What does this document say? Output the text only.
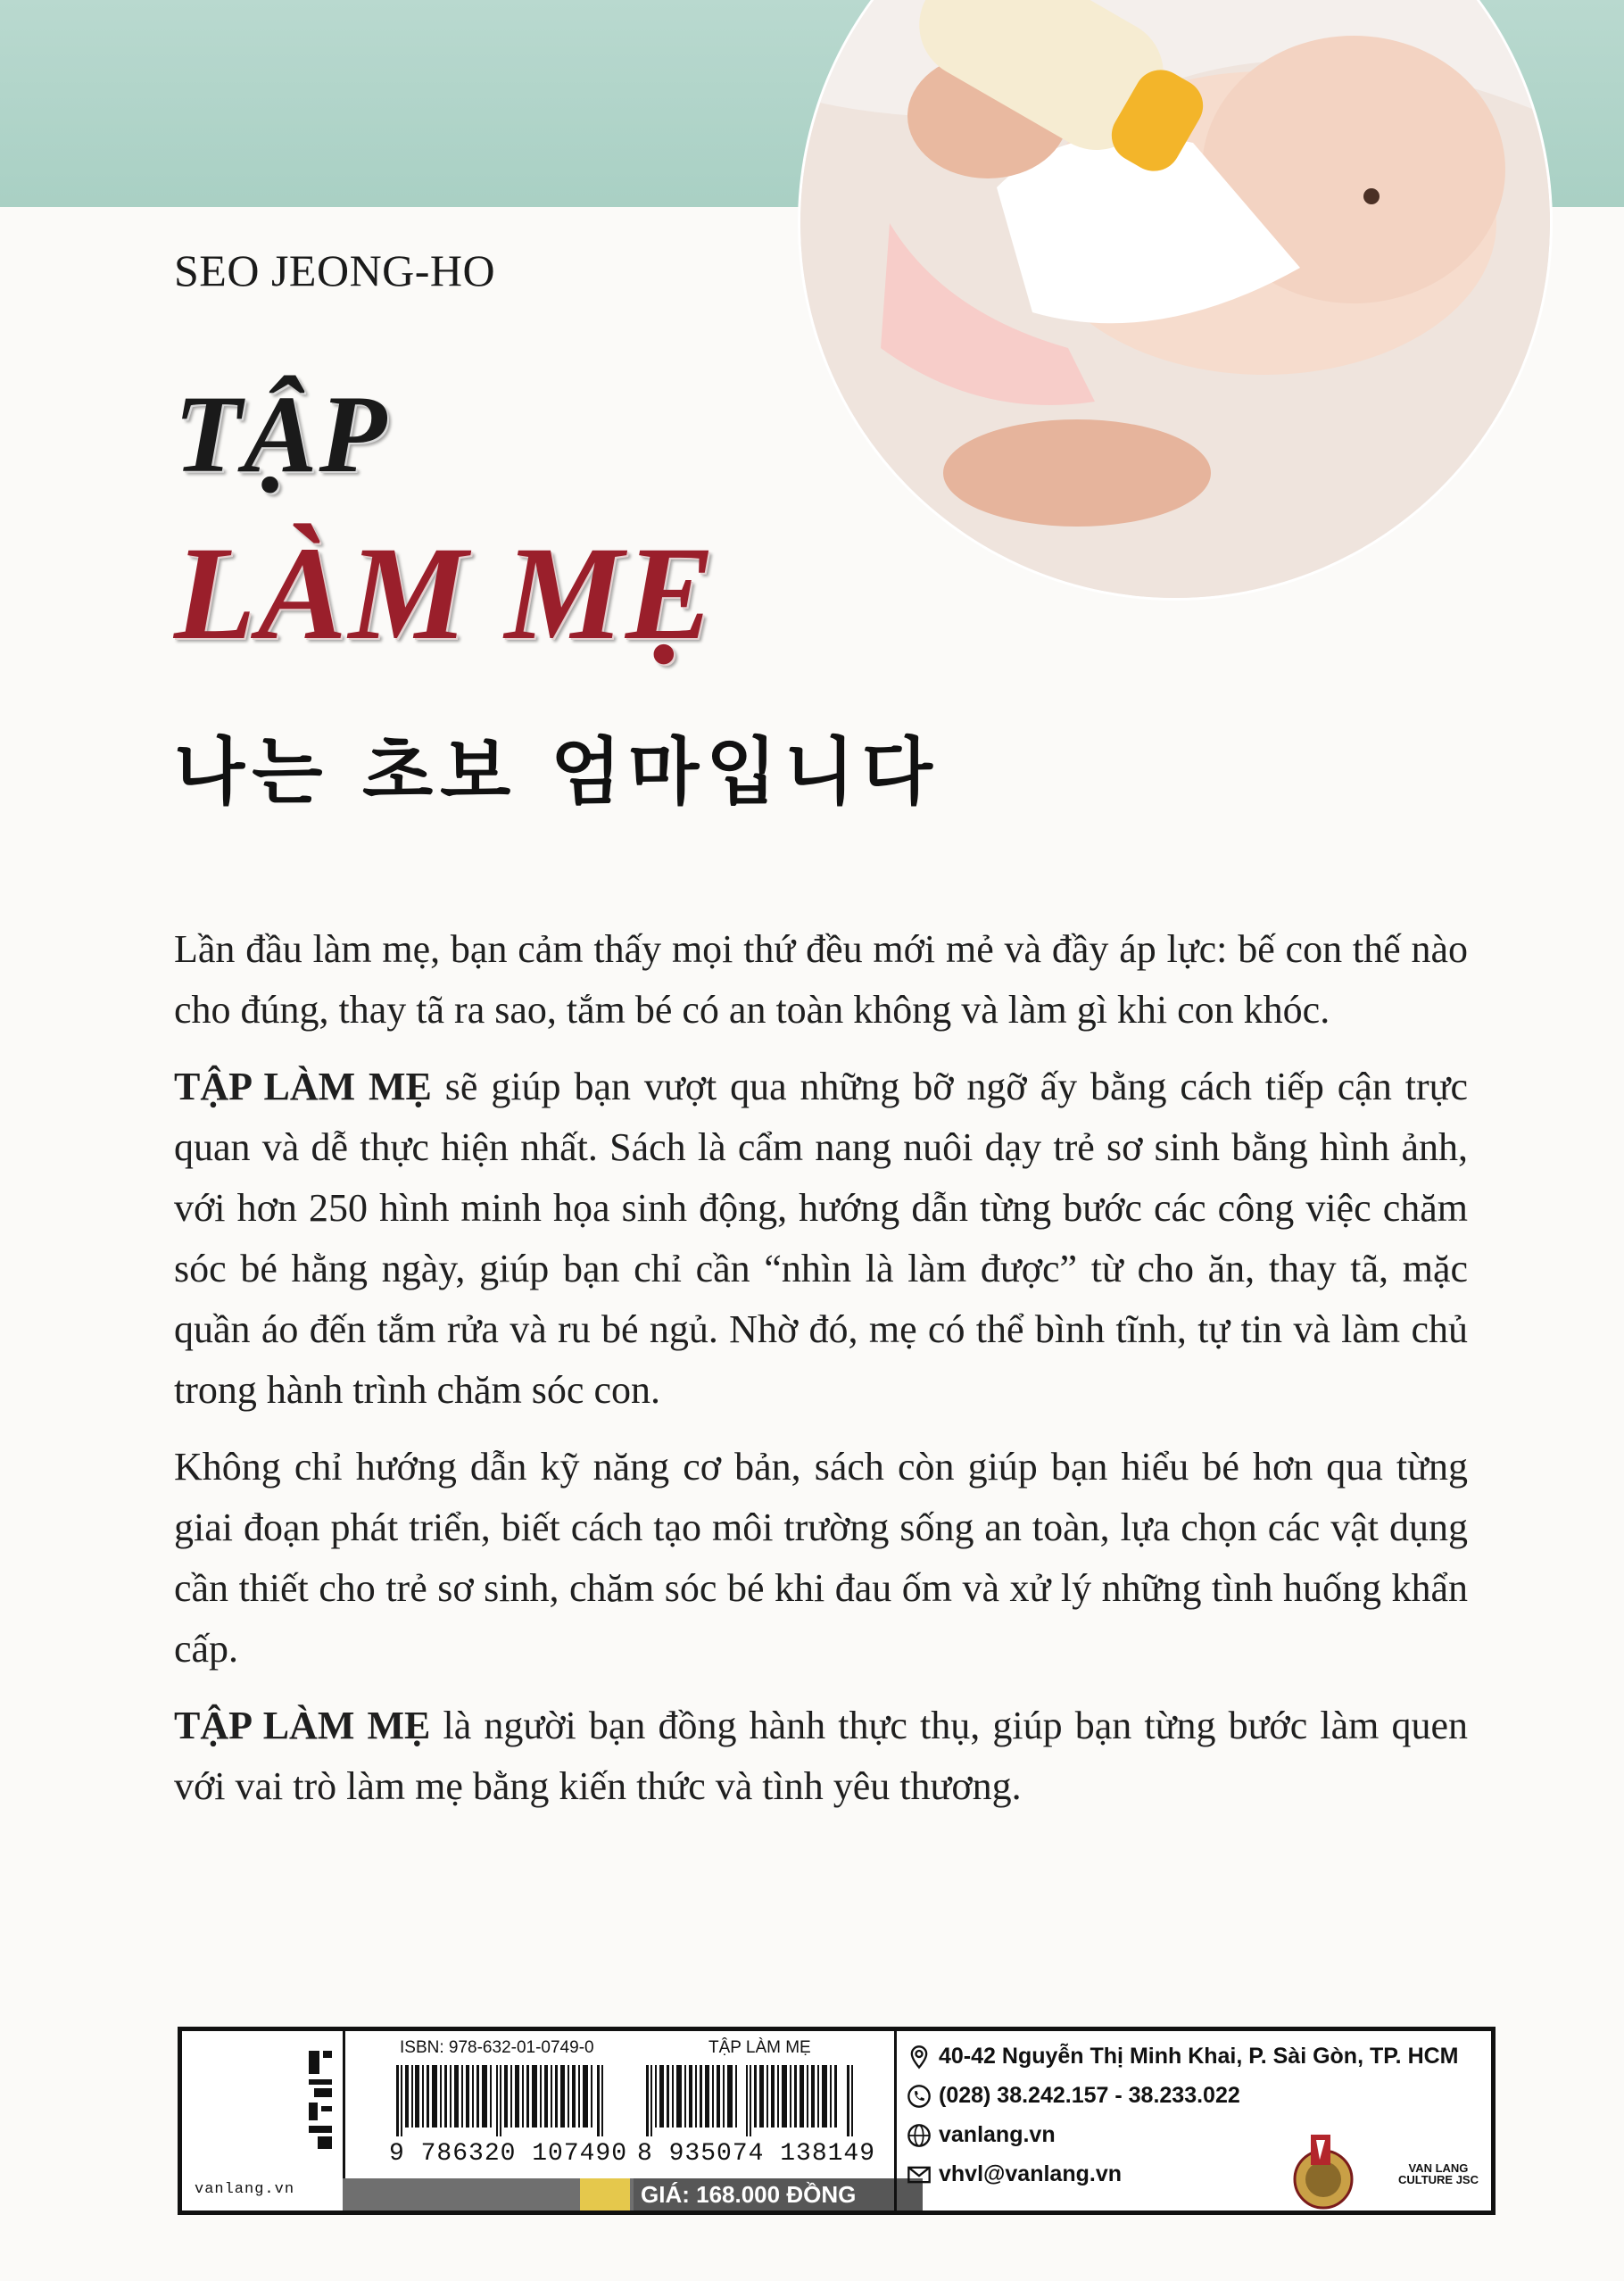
SEO JEONG-HO
TẬP
LÀM MẸ
나는 초보 엄마입니다

Lần đầu làm mẹ, bạn cảm thấy mọi thứ đều mới mẻ và đầy áp lực: bế con thế nào cho đúng, thay tã ra sao, tắm bé có an toàn không và làm gì khi con khóc.

TẬP LÀM MẸ sẽ giúp bạn vượt qua những bỡ ngỡ ấy bằng cách tiếp cận trực quan và dễ thực hiện nhất. Sách là cẩm nang nuôi dạy trẻ sơ sinh bằng hình ảnh, với hơn 250 hình minh họa sinh động, hướng dẫn từng bước các công việc chăm sóc bé hằng ngày, giúp bạn chỉ cần “nhìn là làm được” từ cho ăn, thay tã, mặc quần áo đến tắm rửa và ru bé ngủ. Nhờ đó, mẹ có thể bình tĩnh, tự tin và làm chủ trong hành trình chăm sóc con.

Không chỉ hướng dẫn kỹ năng cơ bản, sách còn giúp bạn hiểu bé hơn qua từng giai đoạn phát triển, biết cách tạo môi trường sống an toàn, lựa chọn các vật dụng cần thiết cho trẻ sơ sinh, chăm sóc bé khi đau ốm và xử lý những tình huống khẩn cấp.

TẬP LÀM MẸ là người bạn đồng hành thực thụ, giúp bạn từng bước làm quen với vai trò làm mẹ bằng kiến thức và tình yêu thương.

vanlang.vn
ISBN: 978-632-01-0749-0
9 786320 107490
TẬP LÀM MẸ
8 935074 138149
GIÁ: 168.000 ĐỒNG
40-42 Nguyễn Thị Minh Khai, P. Sài Gòn, TP. HCM
(028) 38.242.157 - 38.233.022
vanlang.vn
vhvl@vanlang.vn	VAN LANG
CULTURE JSC
